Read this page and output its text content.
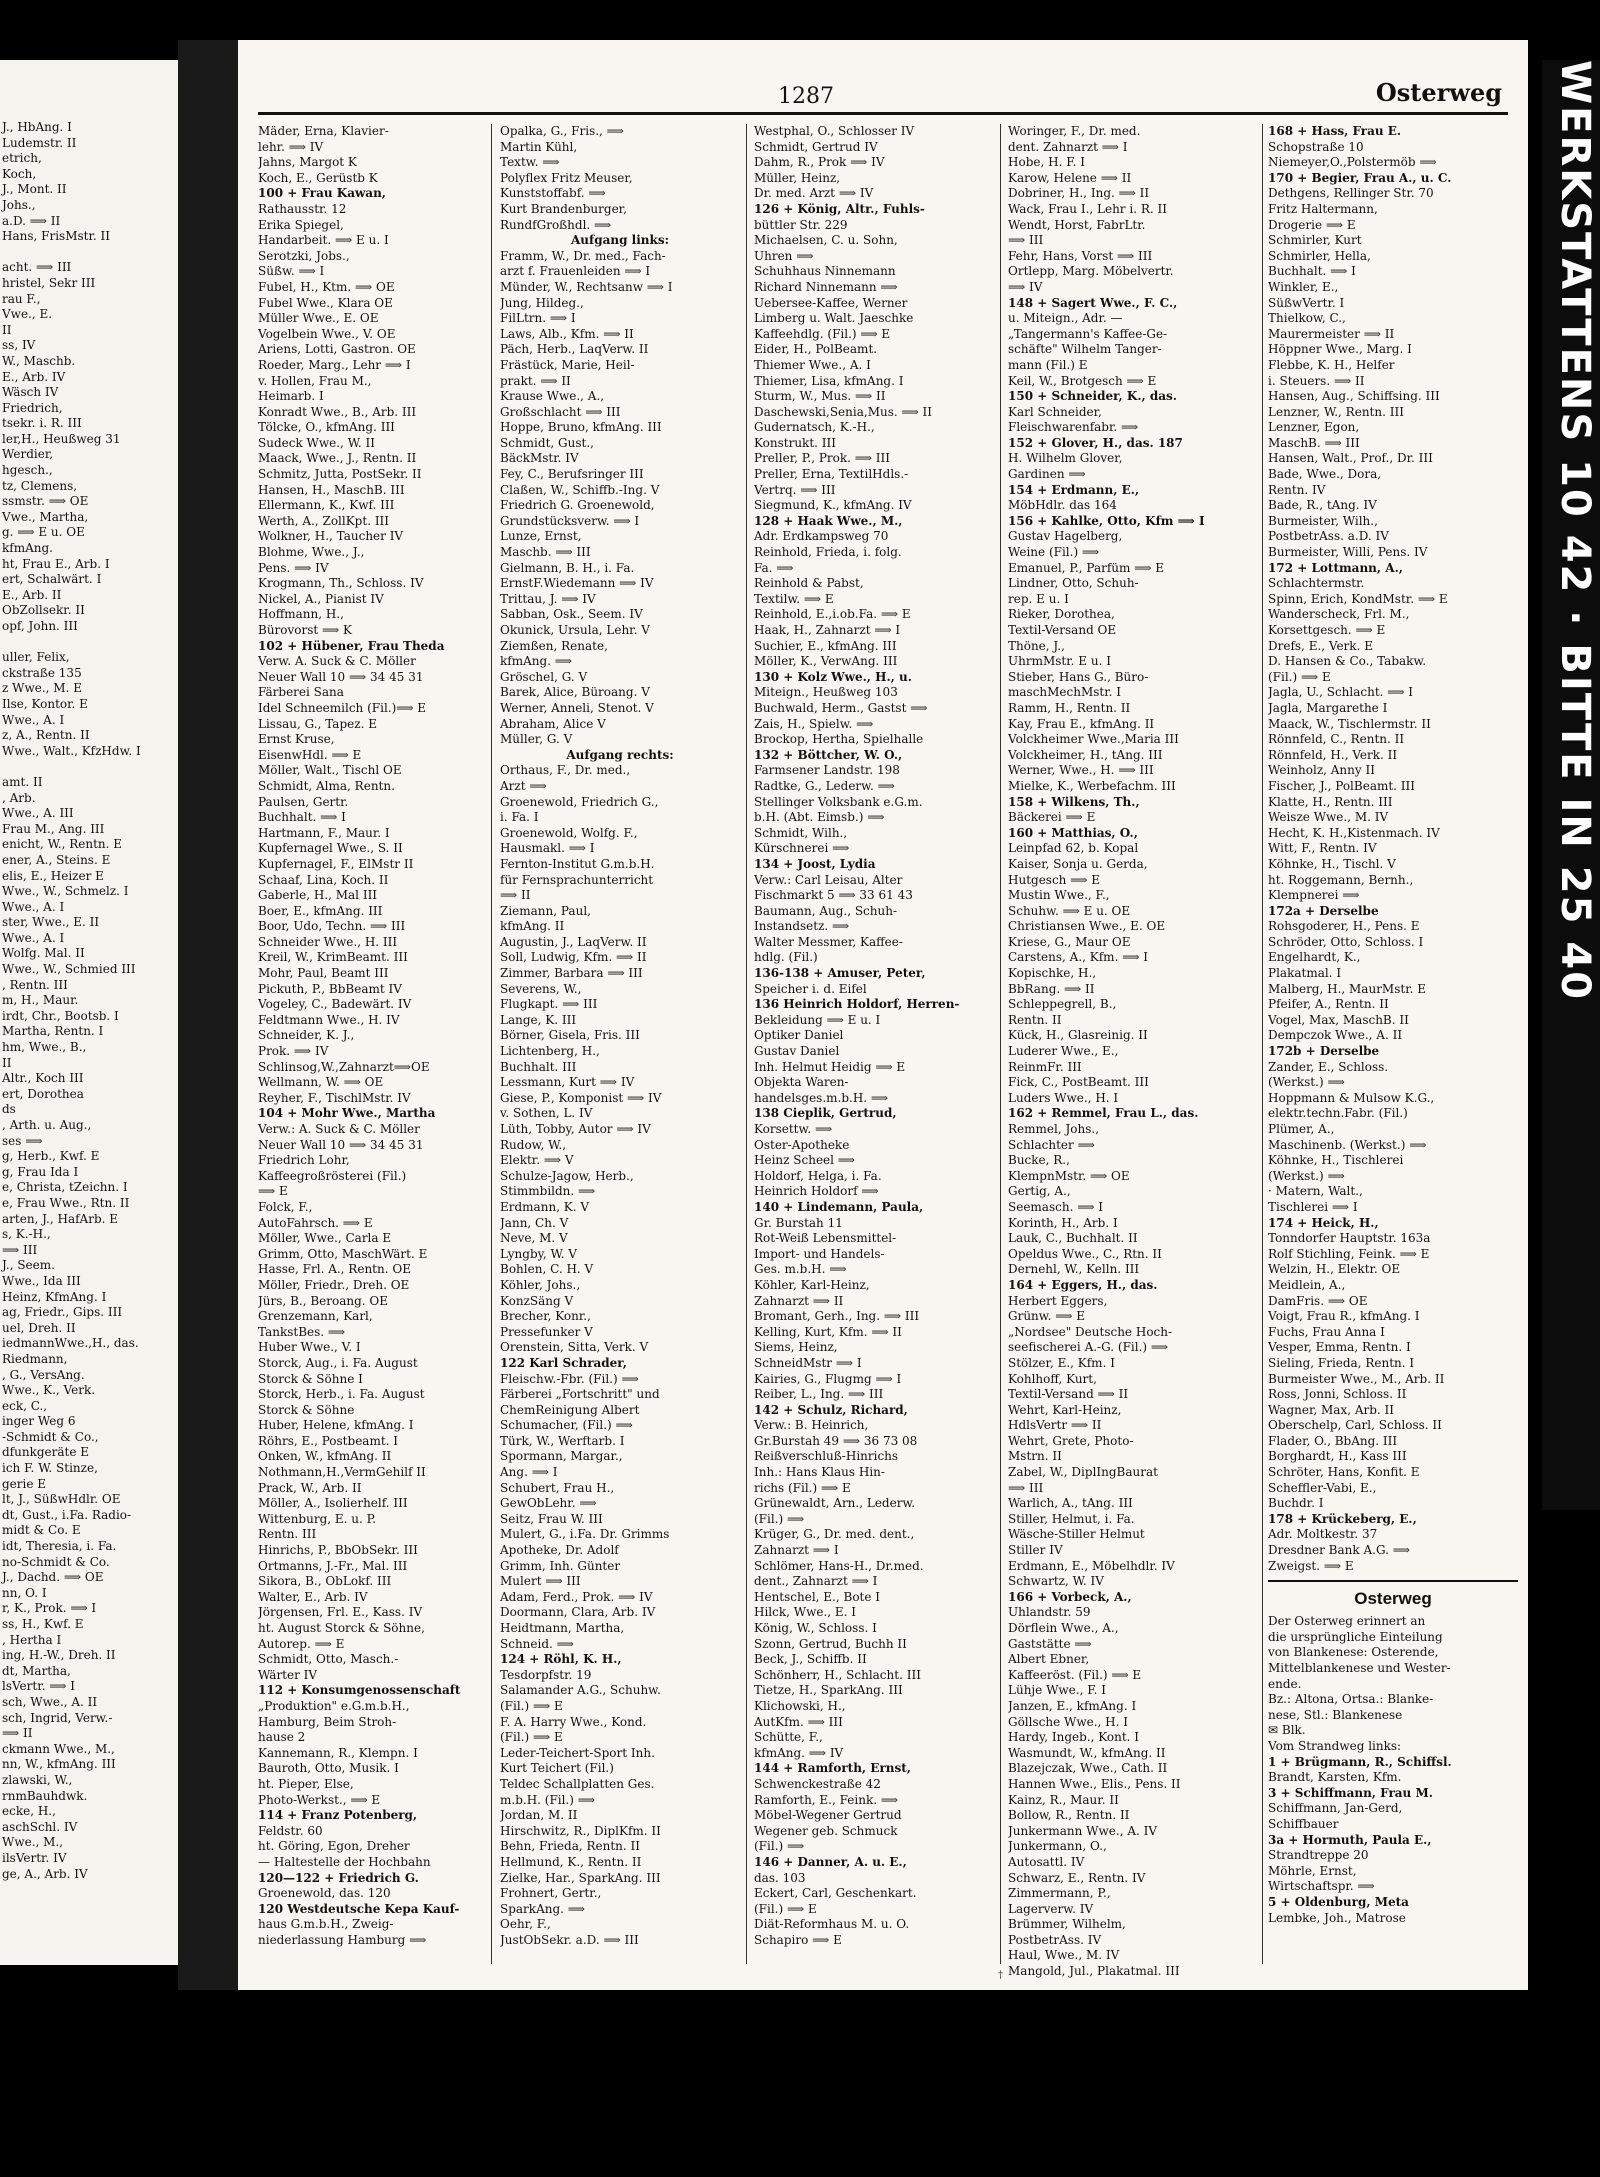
J., HbAng. I
Ludemstr. II
etrich,
Koch,
J., Mont. II
Johs.,
a.D. ⟹ II
Hans, FrisMstr. II
acht. ⟹ III
hristel, Sekr III
rau F.,
Vwe., E.
II
ss, IV
W., Maschb.
E., Arb. IV
Wäsch IV
Friedrich,
tsekr. i. R. III
ler,H., Heußweg 31
Werdier,
hgesch.,
tz, Clemens,
ssmstr. ⟹ OE
Vwe., Martha,
g. ⟹ E u. OE
kfmAng.
ht, Frau E., Arb. I
ert, Schalwärt. I
E., Arb. II
ObZollsekr. II
opf, John. III
uller, Felix,
ckstraße 135
z Wwe., M. E
Ilse, Kontor. E
Wwe., A. I
z, A., Rentn. II
Wwe., Walt., KfzHdw. I
amt. II
, Arb.
Wwe., A. III
Frau M., Ang. III
enicht, W., Rentn. E
ener, A., Steins. E
elis, E., Heizer E
Wwe., W., Schmelz. I
Wwe., A. I
ster, Wwe., E. II
Wwe., A. I
Wolfg. Mal. II
Wwe., W., Schmied III
, Rentn. III
m, H., Maur.
irdt, Chr., Bootsb. I
Martha, Rentn. I
hm, Wwe., B.,
II
Altr., Koch III
ert, Dorothea
ds
, Arth. u. Aug.,
ses ⟹
g, Herb., Kwf. E
g, Frau Ida I
e, Christa, tZeichn. I
e, Frau Wwe., Rtn. II
arten, J., HafArb. E
s, K.-H.,
⟹ III
J., Seem.
Wwe., Ida III
Heinz, KfmAng. I
ag, Friedr., Gips. III
uel, Dreh. II
iedmannWwe.,H., das.
Riedmann,
, G., VersAng.
Wwe., K., Verk.
eck, C.,
inger Weg 6
-Schmidt & Co.,
dfunkgeräte E
ich F. W. Stinze,
gerie E
lt, J., SüßwHdlr. OE
dt, Gust., i.Fa. Radio-
midt & Co. E
idt, Theresia, i. Fa.
no-Schmidt & Co.
J., Dachd. ⟹ OE
nn, O. I
r, K., Prok. ⟹ I
ss, H., Kwf. E
, Hertha I
ing, H.-W., Dreh. II
dt, Martha,
lsVertr. ⟹ I
sch, Wwe., A. II
sch, Ingrid, Verw.-
⟹ II
ckmann Wwe., M.,
nn, W., kfmAng. III
zlawski, W.,
rnmBauhdwk.
ecke, H.,
aschSchl. IV
Wwe., M.,
ilsVertr. IV
ge, A., Arb. IV
1287	Osterweg
Mäder, Erna, Klavier-
lehr. ⟹ IV
Jahns, Margot K
Koch, E., Gerüstb K
100 + Frau Kawan,
Rathausstr. 12
Erika Spiegel,
Handarbeit. ⟹ E u. I
Serotzki, Jobs.,
Süßw. ⟹ I
Fubel, H., Ktm. ⟹ OE
Fubel Wwe., Klara OE
Müller Wwe., E. OE
Vogelbein Wwe., V. OE
Ariens, Lotti, Gastron. OE
Roeder, Marg., Lehr ⟹ I
v. Hollen, Frau M.,
Heimarb. I
Konradt Wwe., B., Arb. III
Tölcke, O., kfmAng. III
Sudeck Wwe., W. II
Maack, Wwe., J., Rentn. II
Schmitz, Jutta, PostSekr. II
Hansen, H., MaschB. III
Ellermann, K., Kwf. III
Werth, A., ZollKpt. III
Wolkner, H., Taucher IV
Blohme, Wwe., J.,
Pens. ⟹ IV
Krogmann, Th., Schloss. IV
Nickel, A., Pianist IV
Hoffmann, H.,
Bürovorst ⟹ K
102 + Hübener, Frau Theda
Verw. A. Suck & C. Möller
Neuer Wall 10 ⟹ 34 45 31
Färberei Sana
Idel Schneemilch (Fil.)⟹ E
Lissau, G., Tapez. E
Ernst Kruse,
EisenwHdl. ⟹ E
Möller, Walt., Tischl OE
Schmidt, Alma, Rentn.
Paulsen, Gertr.
Buchhalt. ⟹ I
Hartmann, F., Maur. I
Kupfernagel Wwe., S. II
Kupfernagel, F., ElMstr II
Schaaf, Lina, Koch. II
Gaberle, H., Mal III
Boer, E., kfmAng. III
Boor, Udo, Techn. ⟹ III
Schneider Wwe., H. III
Kreil, W., KrimBeamt. III
Mohr, Paul, Beamt III
Pickuth, P., BbBeamt IV
Vogeley, C., Badewärt. IV
Feldtmann Wwe., H. IV
Schneider, K. J.,
Prok. ⟹ IV
Schlinsog,W.,Zahnarzt⟹OE
Wellmann, W. ⟹ OE
Reyher, F., TischlMstr. IV
104 + Mohr Wwe., Martha
Verw.: A. Suck & C. Möller
Neuer Wall 10 ⟹ 34 45 31
Friedrich Lohr,
Kaffeegroßrösterei (Fil.)
⟹ E
Folck, F.,
AutoFahrsch. ⟹ E
Möller, Wwe., Carla E
Grimm, Otto, MaschWärt. E
Hasse, Frl. A., Rentn. OE
Möller, Friedr., Dreh. OE
Jürs, B., Beroang. OE
Grenzemann, Karl,
TankstBes. ⟹
Huber Wwe., V. I
Storck, Aug., i. Fa. August
Storck & Söhne I
Storck, Herb., i. Fa. August
Storck & Söhne
Huber, Helene, kfmAng. I
Röhrs, E., Postbeamt. I
Onken, W., kfmAng. II
Nothmann,H.,VermGehilf II
Prack, W., Arb. II
Möller, A., Isolierhelf. III
Wittenburg, E. u. P.
Rentn. III
Hinrichs, P., BbObSekr. III
Ortmanns, J.-Fr., Mal. III
Sikora, B., ObLokf. III
Walter, E., Arb. IV
Jörgensen, Frl. E., Kass. IV
ht. August Storck & Söhne,
Autorep. ⟹ E
Schmidt, Otto, Masch.-
Wärter IV
112 + Konsumgenossenschaft
„Produktion" e.G.m.b.H.,
Hamburg, Beim Stroh-
hause 2
Kannemann, R., Klempn. I
Bauroth, Otto, Musik. I
ht. Pieper, Else,
Photo-Werkst., ⟹ E
114 + Franz Potenberg,
Feldstr. 60
ht. Göring, Egon, Dreher
— Haltestelle der Hochbahn
120—122 + Friedrich G.
Groenewold, das. 120
120 Westdeutsche Kepa Kauf-
haus G.m.b.H., Zweig-
niederlassung Hamburg ⟹
Opalka, G., Fris., ⟹
Martin Kühl,
Textw. ⟹
Polyflex Fritz Meuser,
Kunststoffabf. ⟹
Kurt Brandenburger,
RundfGroßhdl. ⟹
Aufgang links:
Framm, W., Dr. med., Fach-
arzt f. Frauenleiden ⟹ I
Münder, W., Rechtsanw ⟹ I
Jung, Hildeg.,
FilLtrn. ⟹ I
Laws, Alb., Kfm. ⟹ II
Päch, Herb., LaqVerw. II
Frästück, Marie, Heil-
prakt. ⟹ II
Krause Wwe., A.,
Großschlacht ⟹ III
Hoppe, Bruno, kfmAng. III
Schmidt, Gust.,
BäckMstr. IV
Fey, C., Berufsringer III
Claßen, W., Schiffb.-Ing. V
Friedrich G. Groenewold,
Grundstücksverw. ⟹ I
Lunze, Ernst,
Maschb. ⟹ III
Gielmann, B. H., i. Fa.
ErnstF.Wiedemann ⟹ IV
Trittau, J. ⟹ IV
Sabban, Osk., Seem. IV
Okunick, Ursula, Lehr. V
Ziemßen, Renate,
kfmAng. ⟹
Gröschel, G. V
Barek, Alice, Büroang. V
Werner, Anneli, Stenot. V
Abraham, Alice V
Müller, G. V
Aufgang rechts:
Orthaus, F., Dr. med.,
Arzt ⟹
Groenewold, Friedrich G.,
i. Fa. I
Groenewold, Wolfg. F.,
Hausmakl. ⟹ I
Fernton-Institut G.m.b.H.
für Fernsprachunterricht
⟹ II
Ziemann, Paul,
kfmAng. II
Augustin, J., LaqVerw. II
Soll, Ludwig, Kfm. ⟹ II
Zimmer, Barbara ⟹ III
Severens, W.,
Flugkapt. ⟹ III
Lange, K. III
Börner, Gisela, Fris. III
Lichtenberg, H.,
Buchhalt. III
Lessmann, Kurt ⟹ IV
Giese, P., Komponist ⟹ IV
v. Sothen, L. IV
Lüth, Tobby, Autor ⟹ IV
Rudow, W.,
Elektr. ⟹ V
Schulze-Jagow, Herb.,
Stimmbildn. ⟹
Erdmann, K. V
Jann, Ch. V
Neve, M. V
Lyngby, W. V
Bohlen, C. H. V
Köhler, Johs.,
KonzSäng V
Brecher, Konr.,
Pressefunker V
Orenstein, Sitta, Verk. V
122 Karl Schrader,
Fleischw.-Fbr. (Fil.) ⟹
Färberei „Fortschritt" und
ChemReinigung Albert
Schumacher, (Fil.) ⟹
Türk, W., Werftarb. I
Spormann, Margar.,
Ang. ⟹ I
Schubert, Frau H.,
GewObLehr. ⟹
Seitz, Frau W. III
Mulert, G., i.Fa. Dr. Grimms
Apotheke, Dr. Adolf
Grimm, Inh. Günter
Mulert ⟹ III
Adam, Ferd., Prok. ⟹ IV
Doormann, Clara, Arb. IV
Heidtmann, Martha,
Schneid. ⟹
124 + Röhl, K. H.,
Tesdorpfstr. 19
Salamander A.G., Schuhw.
(Fil.) ⟹ E
F. A. Harry Wwe., Kond.
(Fil.) ⟹ E
Leder-Teichert-Sport Inh.
Kurt Teichert (Fil.)
Teldec Schallplatten Ges.
m.b.H. (Fil.) ⟹
Jordan, M. II
Hirschwitz, R., DiplKfm. II
Behn, Frieda, Rentn. II
Hellmund, K., Rentn. II
Zielke, Har., SparkAng. III
Frohnert, Gertr.,
SparkAng. ⟹
Oehr, F.,
JustObSekr. a.D. ⟹ III
Westphal, O., Schlosser IV
Schmidt, Gertrud IV
Dahm, R., Prok ⟹ IV
Müller, Heinz,
Dr. med. Arzt ⟹ IV
126 + König, Altr., Fuhls-
büttler Str. 229
Michaelsen, C. u. Sohn,
Uhren ⟹
Schuhhaus Ninnemann
Richard Ninnemann ⟹
Uebersee-Kaffee, Werner
Limberg u. Walt. Jaeschke
Kaffeehdlg. (Fil.) ⟹ E
Eider, H., PolBeamt.
Thiemer Wwe., A. I
Thiemer, Lisa, kfmAng. I
Sturm, W., Mus. ⟹ II
Daschewski,Senia,Mus. ⟹ II
Gudernatsch, K.-H.,
Konstrukt. III
Preller, P., Prok. ⟹ III
Preller, Erna, TextilHdls.-
Vertrq. ⟹ III
Siegmund, K., kfmAng. IV
128 + Haak Wwe., M.,
Adr. Erdkampsweg 70
Reinhold, Frieda, i. folg.
Fa. ⟹
Reinhold & Pabst,
Textilw. ⟹ E
Reinhold, E.,i.ob.Fa. ⟹ E
Haak, H., Zahnarzt ⟹ I
Suchier, E., kfmAng. III
Möller, K., VerwAng. III
130 + Kolz Wwe., H., u.
Miteign., Heußweg 103
Buchwald, Herm., Gastst ⟹
Zais, H., Spielw. ⟹
Brockop, Hertha, Spielhalle
132 + Böttcher, W. O.,
Farmsener Landstr. 198
Radtke, G., Lederw. ⟹
Stellinger Volksbank e.G.m.
b.H. (Abt. Eimsb.) ⟹
Schmidt, Wilh.,
Kürschnerei ⟹
134 + Joost, Lydia
Verw.: Carl Leisau, Alter
Fischmarkt 5 ⟹ 33 61 43
Baumann, Aug., Schuh-
Instandsetz. ⟹
Walter Messmer, Kaffee-
hdlg. (Fil.)
136-138 + Amuser, Peter,
Speicher i. d. Eifel
136 Heinrich Holdorf, Herren-
Bekleidung ⟹ E u. I
Optiker Daniel
Gustav Daniel
Inh. Helmut Heidig ⟹ E
Objekta Waren-
handelsges.m.b.H. ⟹
138 Cieplik, Gertrud,
Korsettw. ⟹
Oster-Apotheke
Heinz Scheel ⟹
Holdorf, Helga, i. Fa.
Heinrich Holdorf ⟹
140 + Lindemann, Paula,
Gr. Burstah 11
Rot-Weiß Lebensmittel-
Import- und Handels-
Ges. m.b.H. ⟹
Köhler, Karl-Heinz,
Zahnarzt ⟹ II
Bromant, Gerh., Ing. ⟹ III
Kelling, Kurt, Kfm. ⟹ II
Siems, Heinz,
SchneidMstr ⟹ I
Kairies, G., Flugmg ⟹ I
Reiber, L., Ing. ⟹ III
142 + Schulz, Richard,
Verw.: B. Heinrich,
Gr.Burstah 49 ⟹ 36 73 08
Reißverschluß-Hinrichs
Inh.: Hans Klaus Hin-
richs (Fil.) ⟹ E
Grünewaldt, Arn., Lederw.
(Fil.) ⟹
Krüger, G., Dr. med. dent.,
Zahnarzt ⟹ I
Schlömer, Hans-H., Dr.med.
dent., Zahnarzt ⟹ I
Hentschel, E., Bote I
Hilck, Wwe., E. I
König, W., Schloss. I
Szonn, Gertrud, Buchh II
Beck, J., Schiffb. II
Schönherr, H., Schlacht. III
Tietze, H., SparkAng. III
Klichowski, H.,
AutKfm. ⟹ III
Schütte, F.,
kfmAng. ⟹ IV
144 + Ramforth, Ernst,
Schwenckestraße 42
Ramforth, E., Feink. ⟹
Möbel-Wegener Gertrud
Wegener geb. Schmuck
(Fil.) ⟹
146 + Danner, A. u. E.,
das. 103
Eckert, Carl, Geschenkart.
(Fil.) ⟹ E
Diät-Reformhaus M. u. O.
Schapiro ⟹ E
Woringer, F., Dr. med.
dent. Zahnarzt ⟹ I
Hobe, H. F. I
Karow, Helene ⟹ II
Dobriner, H., Ing. ⟹ II
Wack, Frau I., Lehr i. R. II
Wendt, Horst, FabrLtr.
⟹ III
Fehr, Hans, Vorst ⟹ III
Ortlepp, Marg. Möbelvertr.
⟹ IV
148 + Sagert Wwe., F. C.,
u. Miteign., Adr. —
„Tangermann's Kaffee-Ge-
schäfte" Wilhelm Tanger-
mann (Fil.) E
Keil, W., Brotgesch ⟹ E
150 + Schneider, K., das.
Karl Schneider,
Fleischwarenfabr. ⟹
152 + Glover, H., das. 187
H. Wilhelm Glover,
Gardinen ⟹
154 + Erdmann, E.,
MöbHdlr. das 164
156 + Kahlke, Otto, Kfm ⟹ I
Gustav Hagelberg,
Weine (Fil.) ⟹
Emanuel, P., Parfüm ⟹ E
Lindner, Otto, Schuh-
rep. E u. I
Rieker, Dorothea,
Textil-Versand OE
Thöne, J.,
UhrmMstr. E u. I
Stieber, Hans G., Büro-
maschMechMstr. I
Ramm, H., Rentn. II
Kay, Frau E., kfmAng. II
Volckheimer Wwe.,Maria III
Volckheimer, H., tAng. III
Werner, Wwe., H. ⟹ III
Mielke, K., Werbefachm. III
158 + Wilkens, Th.,
Bäckerei ⟹ E
160 + Matthias, O.,
Leinpfad 62, b. Kopal
Kaiser, Sonja u. Gerda,
Hutgesch ⟹ E
Mustin Wwe., F.,
Schuhw. ⟹ E u. OE
Christiansen Wwe., E. OE
Kriese, G., Maur OE
Carstens, A., Kfm. ⟹ I
Kopischke, H.,
BbRang. ⟹ II
Schleppegrell, B.,
Rentn. II
Kück, H., Glasreinig. II
Luderer Wwe., E.,
ReinmFr. III
Fick, C., PostBeamt. III
Luders Wwe., H. I
162 + Remmel, Frau L., das.
Remmel, Johs.,
Schlachter ⟹
Bucke, R.,
KlempnMstr. ⟹ OE
Gertig, A.,
Seemasch. ⟹ I
Korinth, H., Arb. I
Lauk, C., Buchhalt. II
Opeldus Wwe., C., Rtn. II
Dernehl, W., Kelln. III
164 + Eggers, H., das.
Herbert Eggers,
Grünw. ⟹ E
„Nordsee" Deutsche Hoch-
seefischerei A.-G. (Fil.) ⟹
Stölzer, E., Kfm. I
Kohlhoff, Kurt,
Textil-Versand ⟹ II
Wehrt, Karl-Heinz,
HdlsVertr ⟹ II
Wehrt, Grete, Photo-
Mstrn. II
Zabel, W., DiplIngBaurat
⟹ III
Warlich, A., tAng. III
Stiller, Helmut, i. Fa.
Wäsche-Stiller Helmut
Stiller IV
Erdmann, E., Möbelhdlr. IV
Schwartz, W. IV
166 + Vorbeck, A.,
Uhlandstr. 59
Dörflein Wwe., A.,
Gaststätte ⟹
Albert Ebner,
Kaffeeröst. (Fil.) ⟹ E
Lühje Wwe., F. I
Janzen, E., kfmAng. I
Göllsche Wwe., H. I
Hardy, Ingeb., Kont. I
Wasmundt, W., kfmAng. II
Blazejczak, Wwe., Cath. II
Hannen Wwe., Elis., Pens. II
Kainz, R., Maur. II
Bollow, R., Rentn. II
Junkermann Wwe., A. IV
Junkermann, O.,
Autosattl. IV
Schwarz, E., Rentn. IV
Zimmermann, P.,
Lagerverw. IV
Brümmer, Wilhelm,
PostbetrAss. IV
Haul, Wwe., M. IV
Mangold, Jul., Plakatmal. III
168 + Hass, Frau E.
Schopstraße 10
Niemeyer,O.,Polstermöb ⟹
170 + Begier, Frau A., u. C.
Dethgens, Rellinger Str. 70
Fritz Haltermann,
Drogerie ⟹ E
Schmirler, Kurt
Schmirler, Hella,
Buchhalt. ⟹ I
Winkler, E.,
SüßwVertr. I
Thielkow, C.,
Maurermeister ⟹ II
Höppner Wwe., Marg. I
Flebbe, K. H., Helfer
i. Steuers. ⟹ II
Hansen, Aug., Schiffsing. III
Lenzner, W., Rentn. III
Lenzner, Egon,
MaschB. ⟹ III
Hansen, Walt., Prof., Dr. III
Bade, Wwe., Dora,
Rentn. IV
Bade, R., tAng. IV
Burmeister, Wilh.,
PostbetrAss. a.D. IV
Burmeister, Willi, Pens. IV
172 + Lottmann, A.,
Schlachtermstr.
Spinn, Erich, KondMstr. ⟹ E
Wanderscheck, Frl. M.,
Korsettgesch. ⟹ E
Drefs, E., Verk. E
D. Hansen & Co., Tabakw.
(Fil.) ⟹ E
Jagla, U., Schlacht. ⟹ I
Jagla, Margarethe I
Maack, W., Tischlermstr. II
Rönnfeld, C., Rentn. II
Rönnfeld, H., Verk. II
Weinholz, Anny II
Fischer, J., PolBeamt. III
Klatte, H., Rentn. III
Weisze Wwe., M. IV
Hecht, K. H.,Kistenmach. IV
Witt, F., Rentn. IV
Köhnke, H., Tischl. V
ht. Roggemann, Bernh.,
Klempnerei ⟹
172a + Derselbe
Rohsgoderer, H., Pens. E
Schröder, Otto, Schloss. I
Engelhardt, K.,
Plakatmal. I
Malberg, H., MaurMstr. E
Pfeifer, A., Rentn. II
Vogel, Max, MaschB. II
Dempczok Wwe., A. II
172b + Derselbe
Zander, E., Schloss.
(Werkst.) ⟹
Hoppmann & Mulsow K.G.,
elektr.techn.Fabr. (Fil.)
Plümer, A.,
Maschinenb. (Werkst.) ⟹
Köhnke, H., Tischlerei
(Werkst.) ⟹
· Matern, Walt.,
Tischlerei ⟹ I
174 + Heick, H.,
Tonndorfer Hauptstr. 163a
Rolf Stichling, Feink. ⟹ E
Welzin, H., Elektr. OE
Meidlein, A.,
DamFris. ⟹ OE
Voigt, Frau R., kfmAng. I
Fuchs, Frau Anna I
Vesper, Emma, Rentn. I
Sieling, Frieda, Rentn. I
Burmeister Wwe., M., Arb. II
Ross, Jonni, Schloss. II
Wagner, Max, Arb. II
Oberschelp, Carl, Schloss. II
Flader, O., BbAng. III
Borghardt, H., Kass III
Schröter, Hans, Konfit. E
Scheffler-Vabi, E.,
Buchdr. I
178 + Krückeberg, E.,
Adr. Moltkestr. 37
Dresdner Bank A.G. ⟹
Zweigst. ⟹ E
Osterweg
Der Osterweg erinnert an
die ursprüngliche Einteilung
von Blankenese: Osterende,
Mittelblankenese und Wester-
ende.
Bz.: Altona, Ortsa.: Blanke-
nese, Stl.: Blankenese
✉ Blk.
Vom Strandweg links:
1 + Brügmann, R., Schiffsl.
Brandt, Karsten, Kfm.
3 + Schiffmann, Frau M.
Schiffmann, Jan-Gerd,
Schiffbauer
3a + Hormuth, Paula E.,
Strandtreppe 20
Möhrle, Ernst,
Wirtschaftspr. ⟹
5 + Oldenburg, Meta
Lembke, Joh., Matrose
†
WERKSTATTENS 10 42 · BITTE IN 25 40
